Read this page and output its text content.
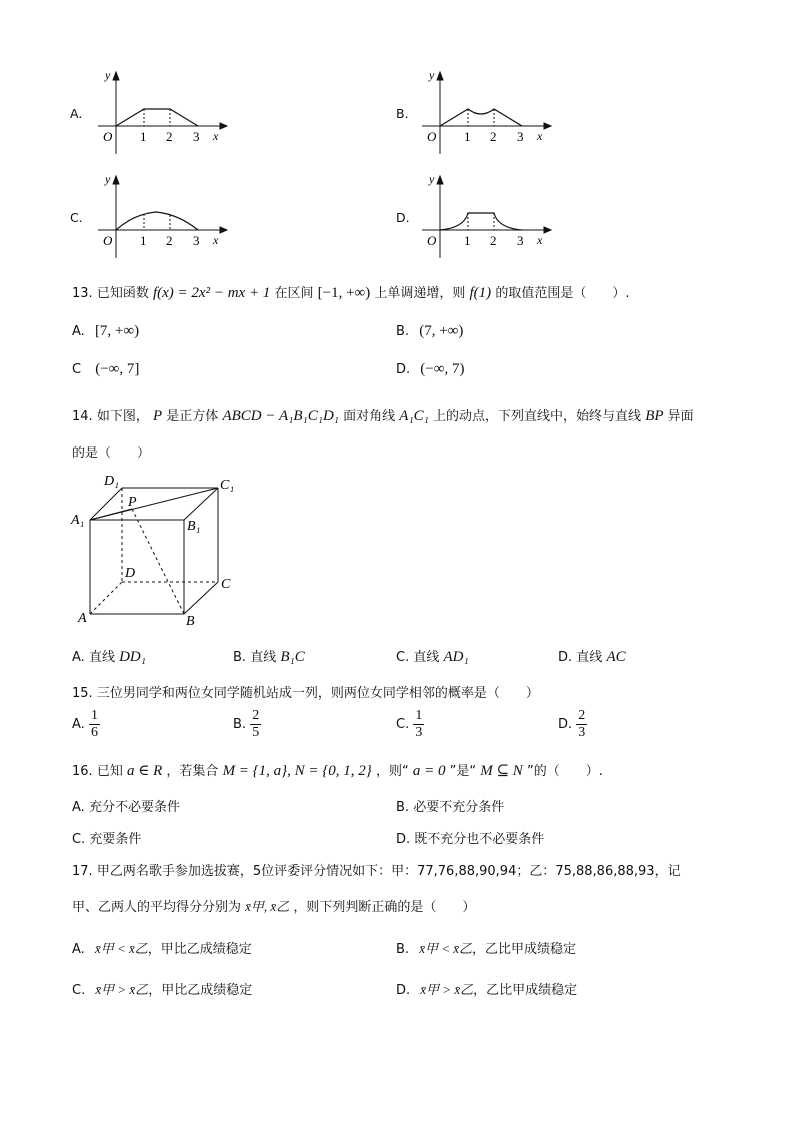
A.
y
O 1 2 3 x
B.
y
O 1 2 3 x
C.
y
O 1 2 3 x
D.
y
O 1 2 3 x
13. 已知函数 f(x) = 2x² − mx + 1 在区间 [−1, +∞) 上单调递增，则 f(1) 的取值范围是（　　）.
A. [7, +∞)	B. (7, +∞)
C (−∞, 7]	D. (−∞, 7)
14. 如下图， P 是正方体 ABCD − A₁B₁C₁D₁ 面对角线 A₁C₁ 上的动点，下列直线中，始终与直线 BP 异面
的是（　　）
D₁	C₁
P
A₁	B₁
D
C
A	B
A. 直线 DD₁	B. 直线 B₁C	C. 直线 AD₁	D. 直线 AC
15. 三位男同学和两位女同学随机站成一列，则两位女同学相邻的概率是（　　）
A. $\frac{1}{6}$	B. $\frac{2}{5}$	C. $\frac{1}{3}$	D. $\frac{2}{3}$
16. 已知 a ∈ R ，若集合 M = {1, a}, N = {0, 1, 2} ，则“ a = 0 ”是“ M ⊆ N ”的（　　）.
A. 充分不必要条件	B. 必要不充分条件
C. 充要条件	D. 既不充分也不必要条件
17. 甲乙两名歌手参加选拔赛，5位评委评分情况如下：甲：77,76,88,90,94；乙：75,88,86,88,93，记
甲、乙两人的平均得分分别为 x̄甲, x̄乙 ，则下列判断正确的是（　　）
A. x̄甲 < x̄乙，甲比乙成绩稳定	B. x̄甲 < x̄乙，乙比甲成绩稳定
C. x̄甲 > x̄乙，甲比乙成绩稳定	D. x̄甲 > x̄乙，乙比甲成绩稳定
